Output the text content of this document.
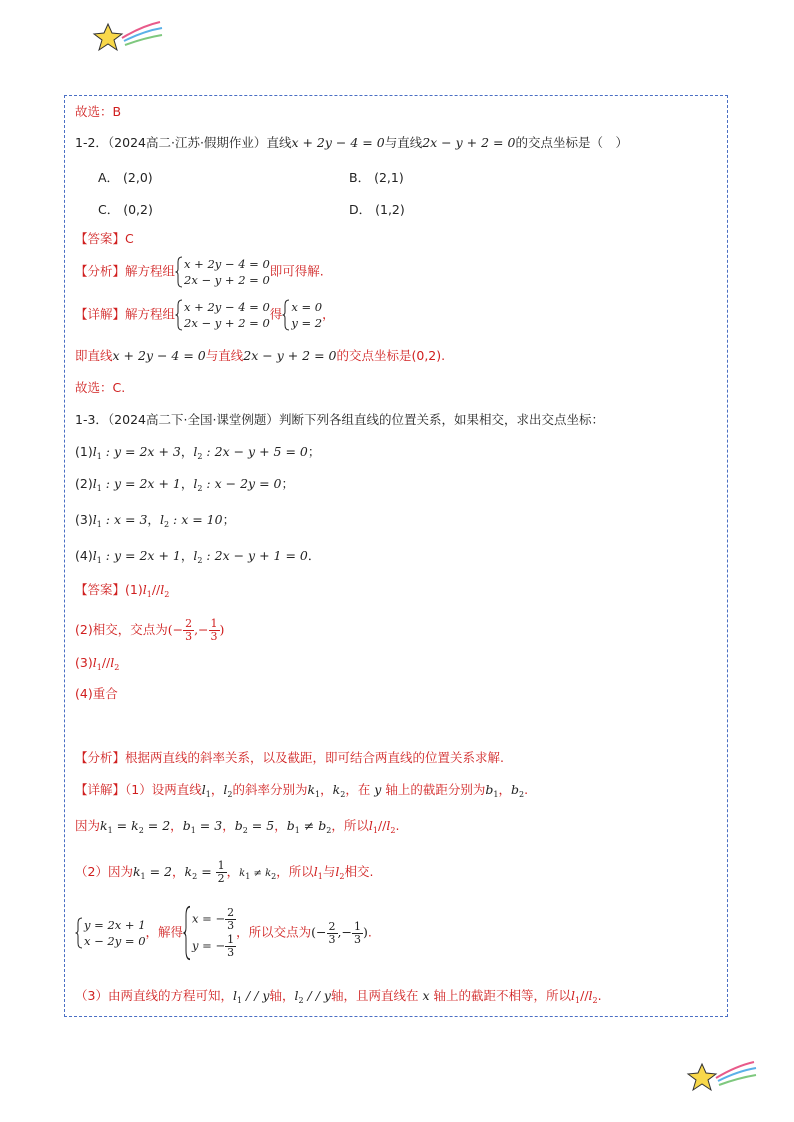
故选：B
1-2．（2024高二·江苏·假期作业）直线x + 2y − 4 = 0与直线2x − y + 2 = 0的交点坐标是（　）
A． (2,0)	B． (2,1)
C． (0,2)	D． (1,2)
【答案】C
【分析】解方程组 x + 2y − 4 = 0
2x − y + 2 = 0
即可得解.
【详解】解方程组 x + 2y − 4 = 0
2x − y + 2 = 0
得 x = 0
y = 2
，
即直线x + 2y − 4 = 0与直线2x − y + 2 = 0的交点坐标是(0,2).
故选：C.
1-3．（2024高二下·全国·课堂例题）判断下列各组直线的位置关系，如果相交，求出交点坐标：
$(1)l_1$ : y = 2x + 3，$l_2$ : 2x − y + 5 = 0；
$(2)l_1$ : y = 2x + 1，$l_2$ : x − 2y = 0；
$(3)l_1$ : x = 3，$l_2$ : x = 10；
$(4)l_1$ : y = 2x + 1，$l_2$ : 2x − y + 1 = 0．
【答案】$(1)l_1//l_2$
(2)相交，交点为(− $\frac{2}{3}$ ,− $\frac{1}{3}$ )
$(3)l_1//l_2$
(4)重合
【分析】根据两直线的斜率关系，以及截距，即可结合两直线的位置关系求解.
【详解】（1）设两直线$l_1$，$l_2$的斜率分别为$k_1$，$k_2$，在 y 轴上的截距分别为$b_1$，$b_2$.
因为$k_1 = k_2 = 2$，$b_1 = 3$，$b_2 = 5$，$b_1 \ne b_2$，所以$l_1//l_2$.
（2）因为$k_1 = 2$，$k_2 = \frac{1}{2}$ ，$k_1 \ne k_2$，所以$l_1$与$l_2$相交.
y = 2x + 1
x − 2y = 0
，解得
x = − $\frac{2}{3}$
y = − $\frac{1}{3}$
，所以交点为(− $\frac{2}{3}$ ,− $\frac{1}{3}$ ).
（3）由两直线的方程可知，$l_1$ / / y轴，$l_2$ / / y轴，且两直线在 x 轴上的截距不相等，所以$l_1//l_2$.
